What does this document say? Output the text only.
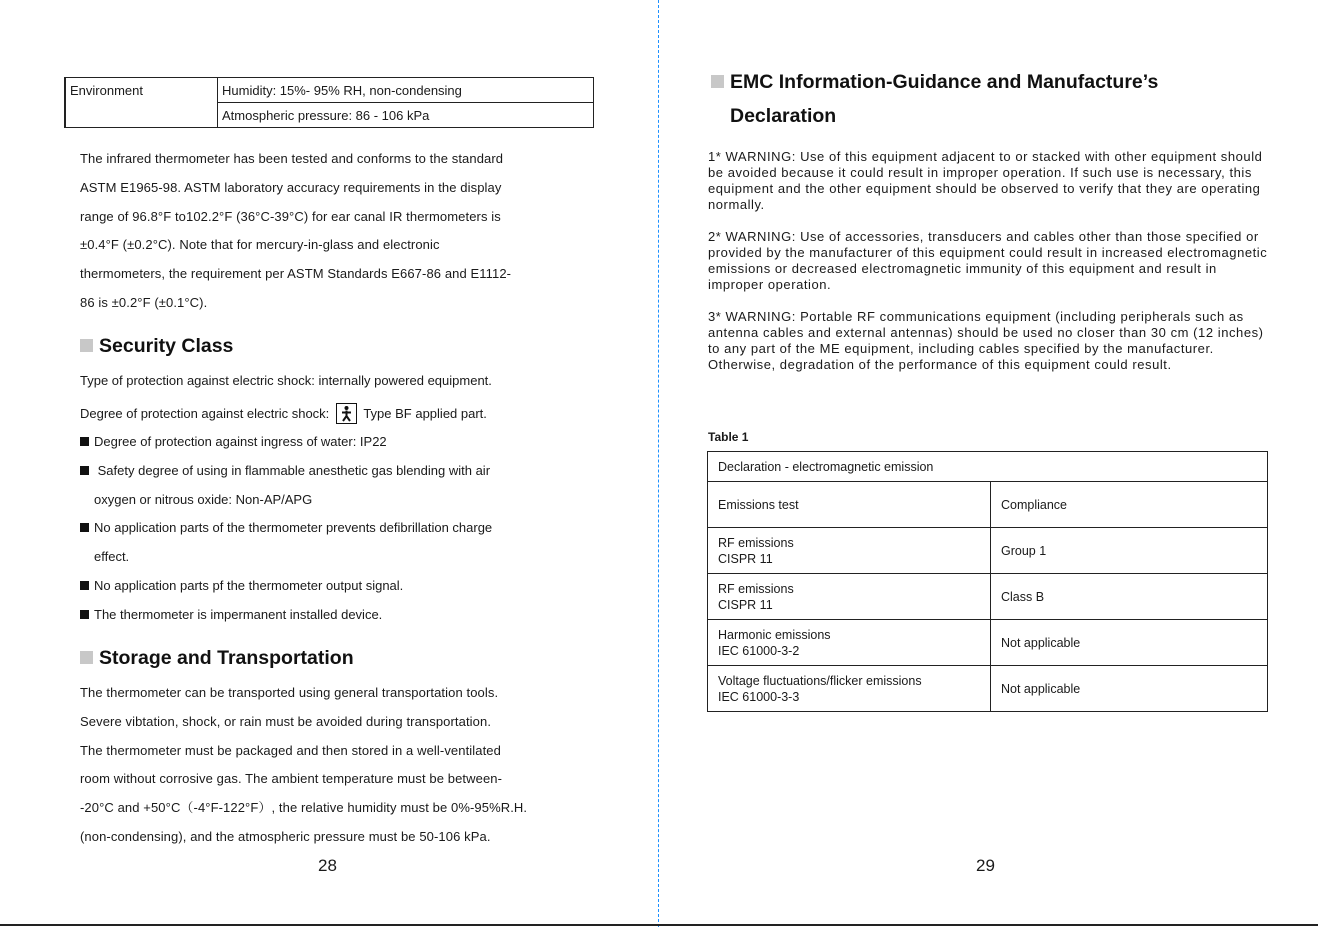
Environment	Humidity: 15%- 95% RH, non-condensing
Atmospheric pressure: 86 - 106 kPa
The infrared thermometer has been tested and conforms to the standard
ASTM E1965-98. ASTM laboratory accuracy requirements in the display
range of 96.8°F to102.2°F (36°C-39°C) for ear canal IR thermometers is
±0.4°F (±0.2°C). Note that for mercury-in-glass and electronic
thermometers, the requirement per ASTM Standards E667-86 and E1112-
86 is ±0.2°F (±0.1°C).
Security Class
Type of protection against electric shock: internally powered equipment.
Degree of protection against electric shock:	Type BF applied part.
Degree of protection against ingress of water: IP22
Safety degree of using in flammable anesthetic gas blending with air
oxygen or nitrous oxide: Non-AP/APG
No application parts of the thermometer prevents defibrillation charge
effect.
No application parts pf the thermometer output signal.
The thermometer is impermanent installed device.
Storage and Transportation
The thermometer can be transported using general transportation tools.
Severe vibtation, shock, or rain must be avoided during transportation.
The thermometer must be packaged and then stored in a well-ventilated
room without corrosive gas. The ambient temperature must be between-
-20°C and +50°C（-4°F-122°F）, the relative humidity must be 0%-95%R.H.
(non-condensing), and the atmospheric pressure must be 50-106 kPa.
28
EMC Information-Guidance and Manufacture’s
Declaration
1* WARNING: Use of this equipment adjacent to or stacked with other equipment should be avoided because it could result in improper operation. If such use is necessary, this equipment and the other equipment should be observed to verify that they are operating normally.
2* WARNING: Use of accessories, transducers and cables other than those specified or provided by the manufacturer of this equipment could result in increased electromagnetic emissions or decreased electromagnetic immunity of this equipment and result in improper operation.
3* WARNING: Portable RF communications equipment (including peripherals such as antenna cables and external antennas) should be used no closer than 30 cm (12 inches) to any part of the ME equipment, including cables specified by the manufacturer. Otherwise, degradation of the performance of this equipment could result.
Table 1
Declaration - electromagnetic emission	
Emissions test	Compliance

RF emissions
CISPR 11	Group 1

RF emissions
CISPR 11	Class B

Harmonic emissions
IEC 61000-3-2	Not applicable

Voltage fluctuations/flicker emissions
IEC 61000-3-3	Not applicable
29
